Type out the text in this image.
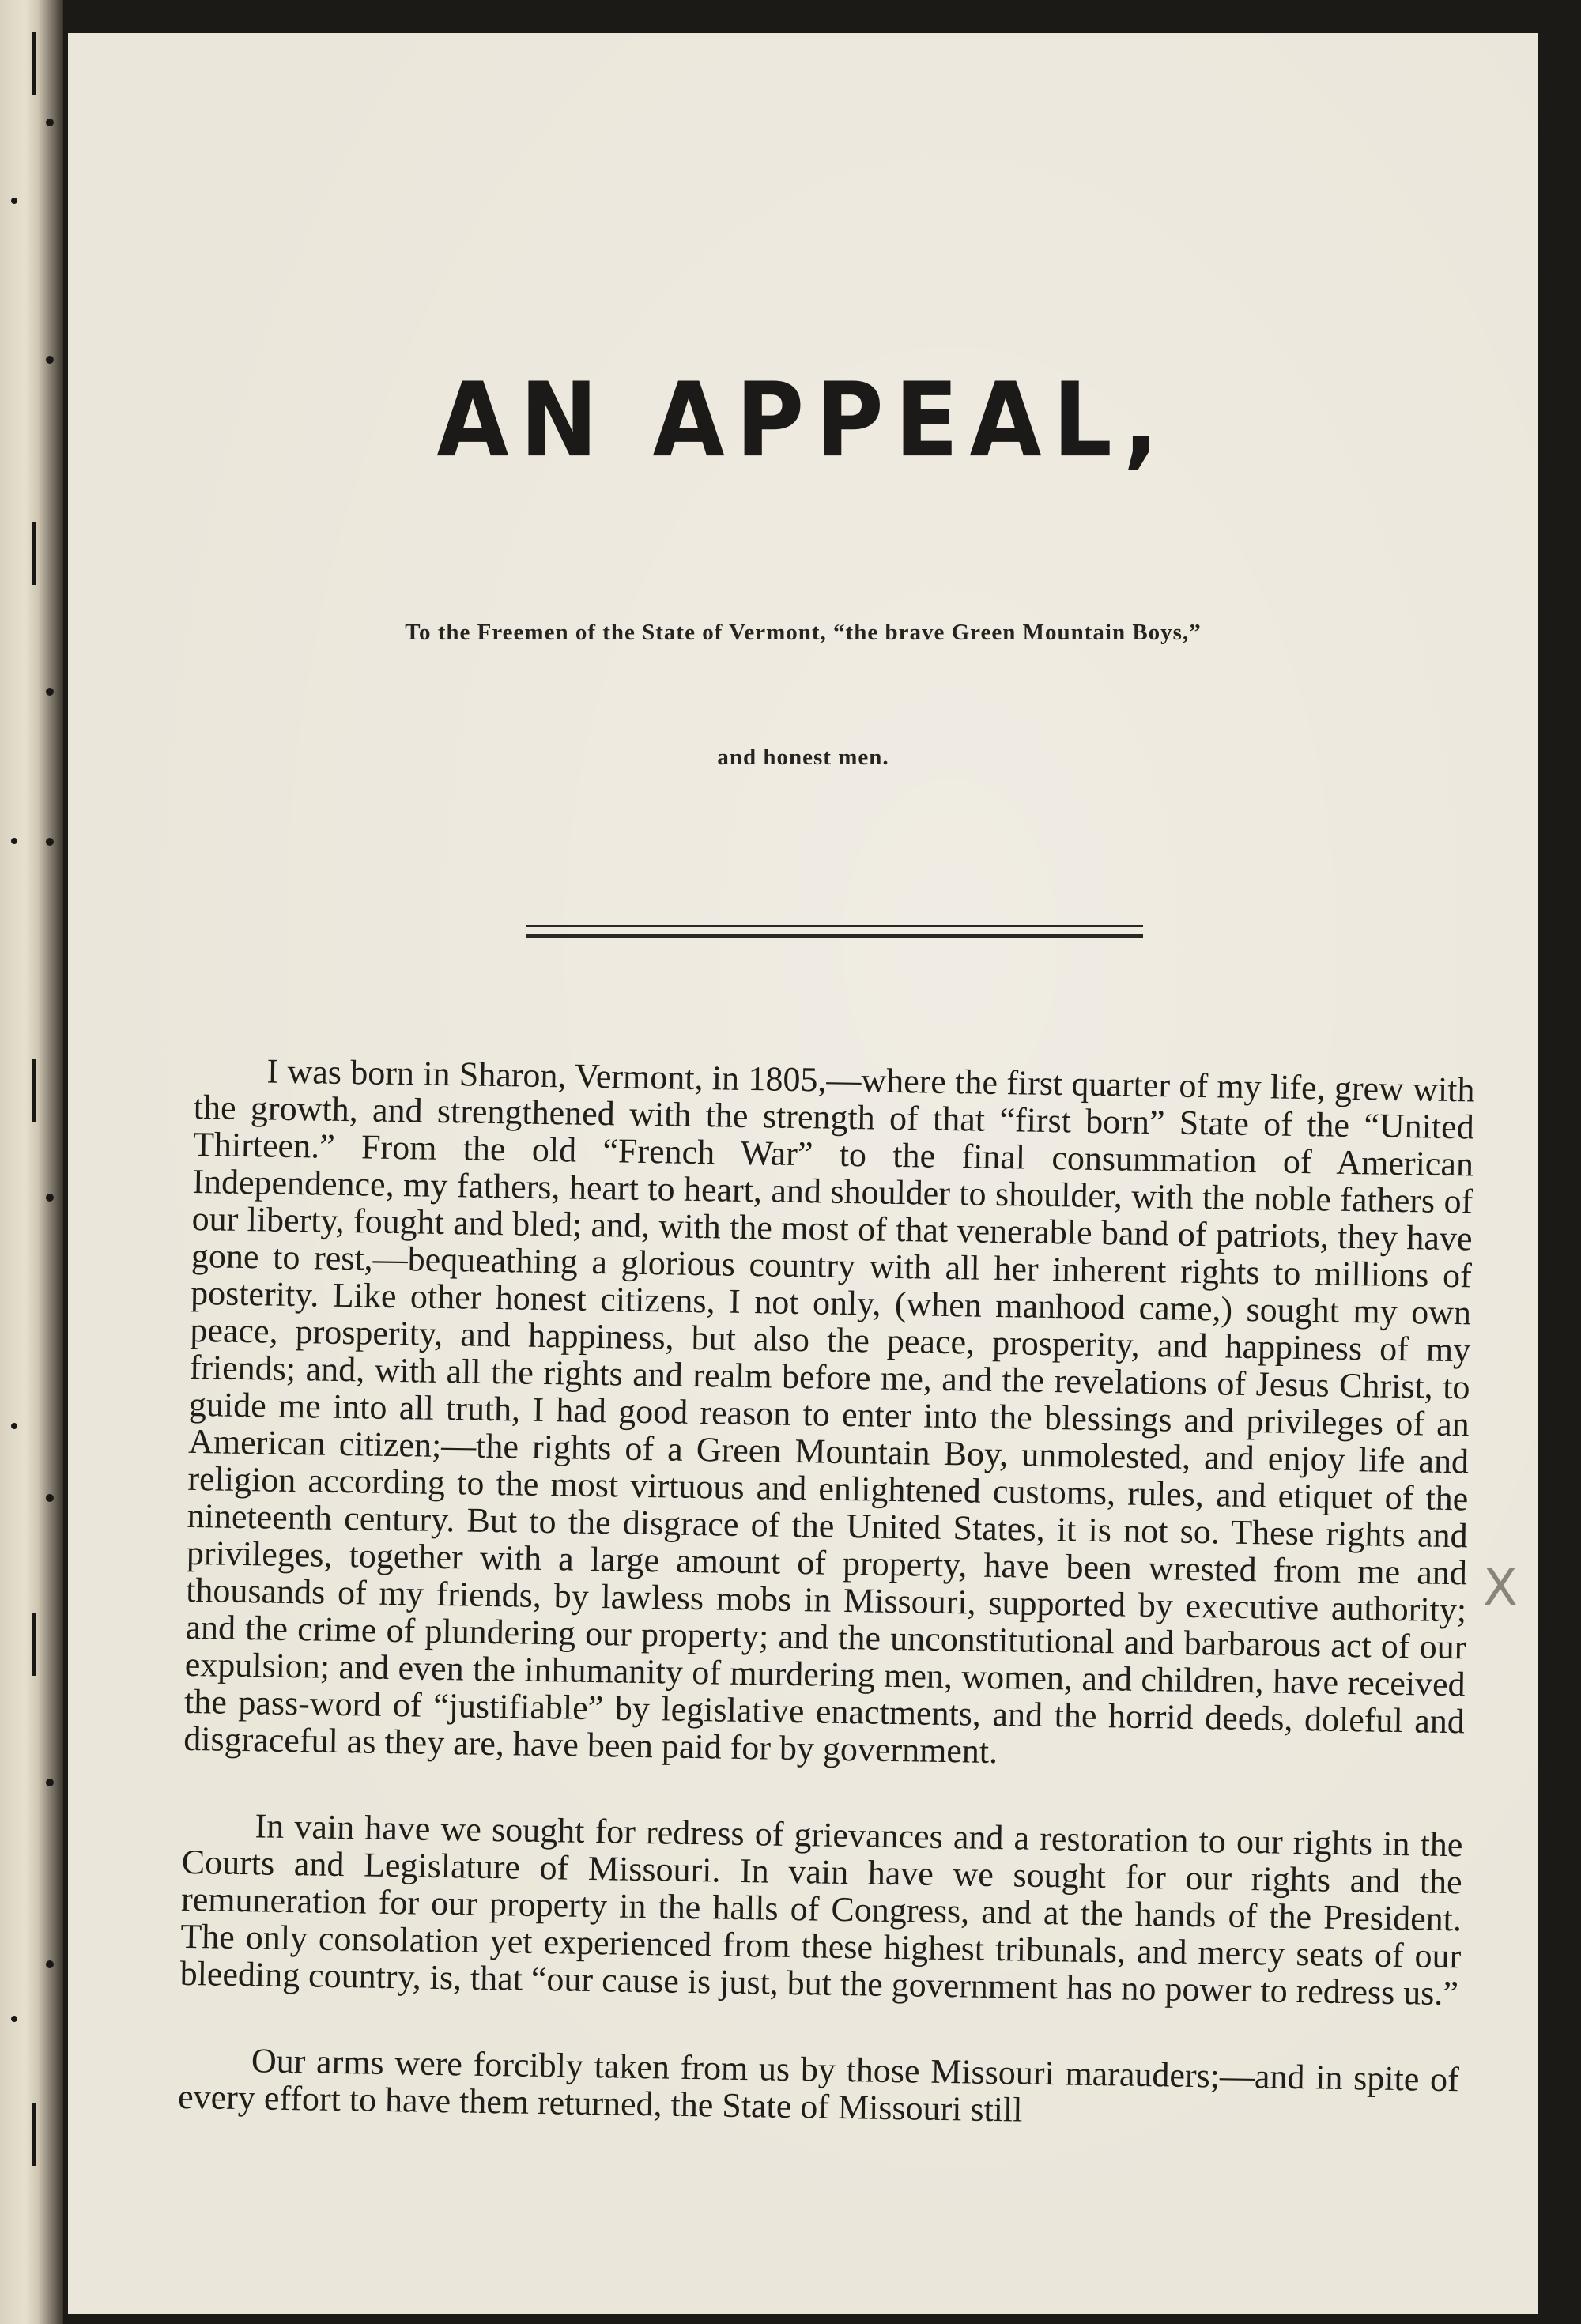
AN APPEAL,
To the Freemen of the State of Vermont, “the brave Green Mountain Boys,”
and honest men.

I was born in Sharon, Vermont, in 1805,—where the first quarter of my life, grew with the growth, and strengthened with the strength of that “first born” State of the “United Thirteen.” From the old “French War” to the final consummation of American Independence, my fathers, heart to heart, and shoulder to shoulder, with the noble fathers of our liberty, fought and bled; and, with the most of that venerable band of patriots, they have gone to rest,—bequeathing a glorious country with all her inherent rights to millions of posterity. Like other honest citizens, I not only, (when manhood came,) sought my own peace, prosperity, and happiness, but also the peace, prosperity, and happiness of my friends; and, with all the rights and realm before me, and the revelations of Jesus Christ, to guide me into all truth, I had good reason to enter into the blessings and privileges of an American citizen;—the rights of a Green Mountain Boy, unmolested, and enjoy life and religion according to the most virtuous and enlightened customs, rules, and etiquet of the nineteenth century. But to the disgrace of the United States, it is not so. These rights and privileges, together with a large amount of property, have been wrested from me and thousands of my friends, by lawless mobs in Missouri, supported by executive authority; and the crime of plundering our property; and the unconstitutional and barbarous act of our expulsion; and even the inhumanity of murdering men, women, and children, have received the pass-word of “justifiable” by legislative enactments, and the horrid deeds, doleful and disgraceful as they are, have been paid for by government.

In vain have we sought for redress of grievances and a restoration to our rights in the Courts and Legislature of Missouri. In vain have we sought for our rights and the remuneration for our property in the halls of Congress, and at the hands of the President. The only consolation yet experienced from these highest tribunals, and mercy seats of our bleeding country, is, that “our cause is just, but the government has no power to redress us.”

Our arms were forcibly taken from us by those Missouri marauders;—and in spite of every effort to have them returned, the State of Missouri still

X
